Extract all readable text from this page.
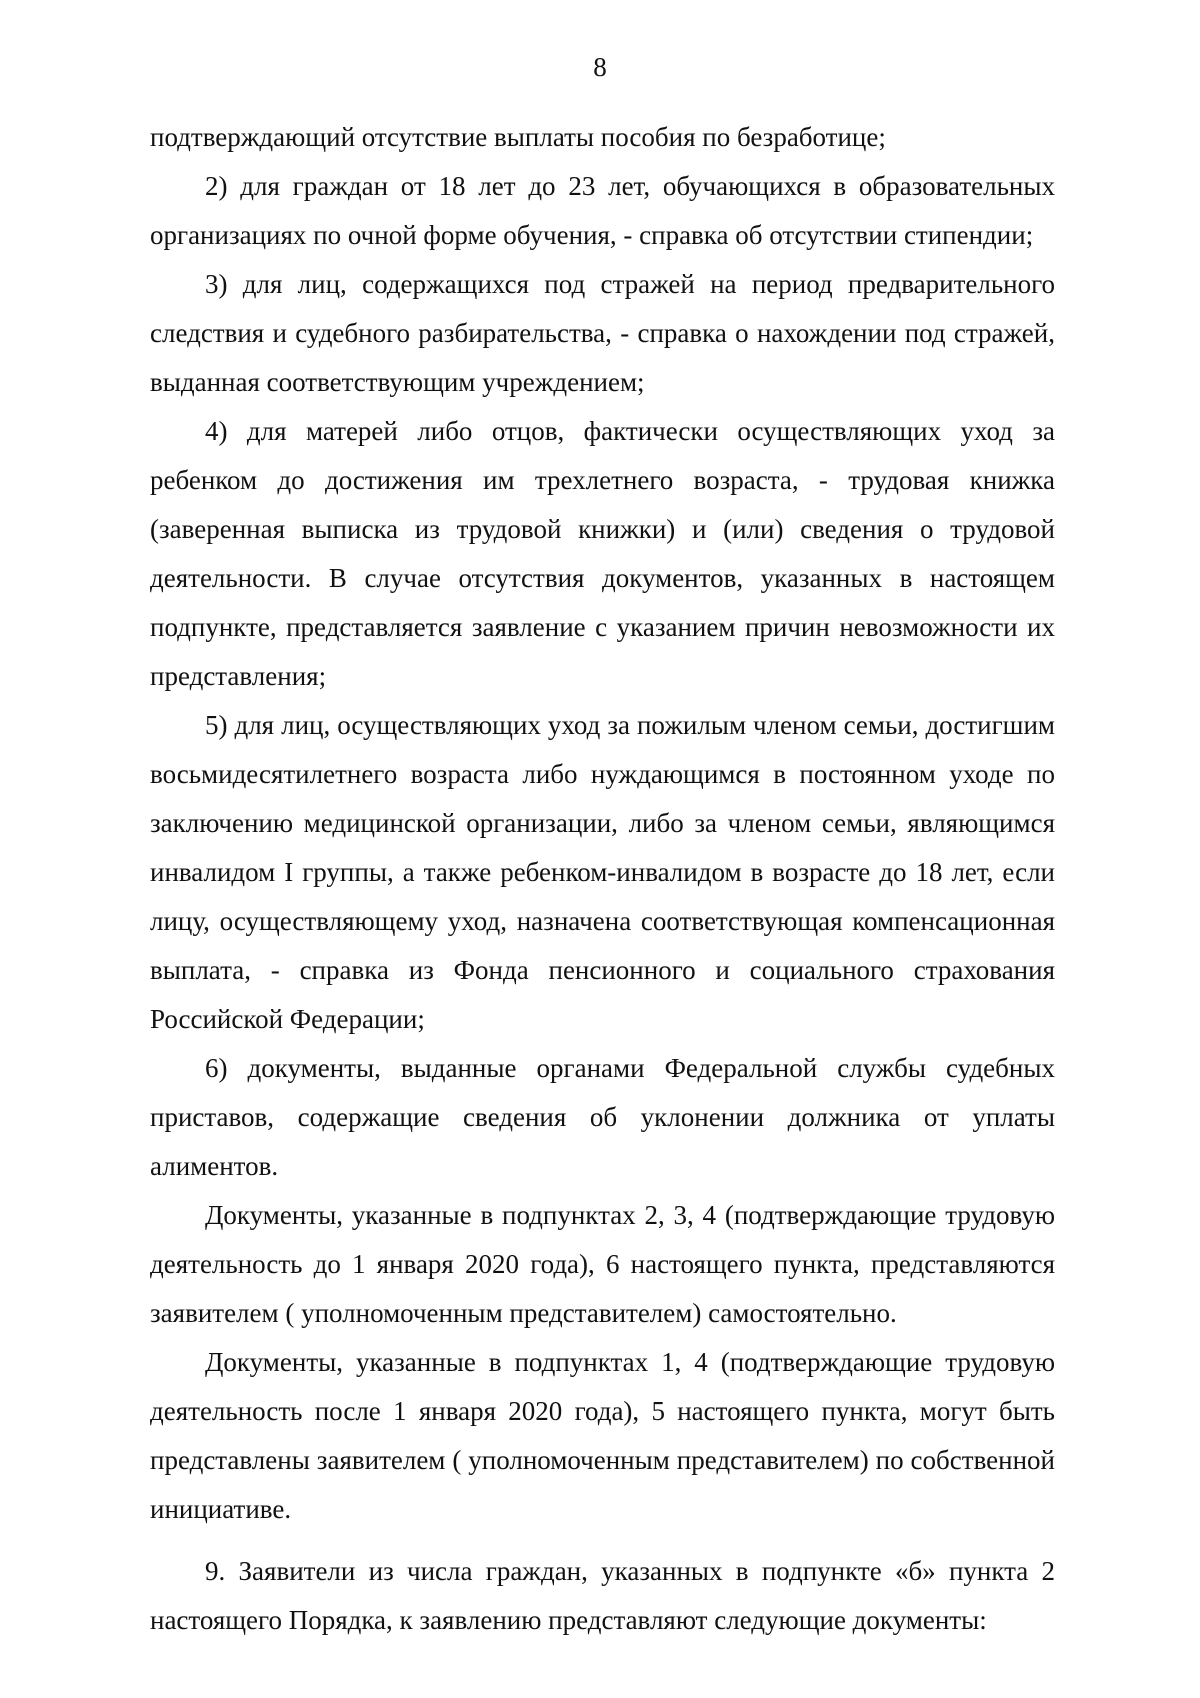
8

подтверждающий отсутствие выплаты пособия по безработице;

2) для граждан от 18 лет до 23 лет, обучающихся в образовательных организациях по очной форме обучения, - справка об отсутствии стипендии;

3) для лиц, содержащихся под стражей на период предварительного следствия и судебного разбирательства, - справка о нахождении под стражей, выданная соответствующим учреждением;

4) для матерей либо отцов, фактически осуществляющих уход за ребенком до достижения им трехлетнего возраста, - трудовая книжка (заверенная выписка из трудовой книжки) и (или) сведения о трудовой деятельности. В случае отсутствия документов, указанных в настоящем подпункте, представляется заявление с указанием причин невозможности их представления;

5) для лиц, осуществляющих уход за пожилым членом семьи, достигшим восьмидесятилетнего возраста либо нуждающимся в постоянном уходе по заключению медицинской организации, либо за членом семьи, являющимся инвалидом I группы, а также ребенком-инвалидом в возрасте до 18 лет, если лицу, осуществляющему уход, назначена соответствующая компенсационная выплата, - справка из Фонда пенсионного и социального страхования Российской Федерации;

6) документы, выданные органами Федеральной службы судебных приставов, содержащие сведения об уклонении должника от уплаты алиментов.

Документы, указанные в подпунктах 2, 3, 4 (подтверждающие трудовую деятельность до 1 января 2020 года), 6 настоящего пункта, представляются заявителем ( уполномоченным представителем) самостоятельно.

Документы, указанные в подпунктах 1, 4 (подтверждающие трудовую деятельность после 1 января 2020 года), 5 настоящего пункта, могут быть представлены заявителем ( уполномоченным представителем) по собственной инициативе.

9. Заявители из числа граждан, указанных в подпункте «б» пункта 2 настоящего Порядка, к заявлению представляют следующие документы:
